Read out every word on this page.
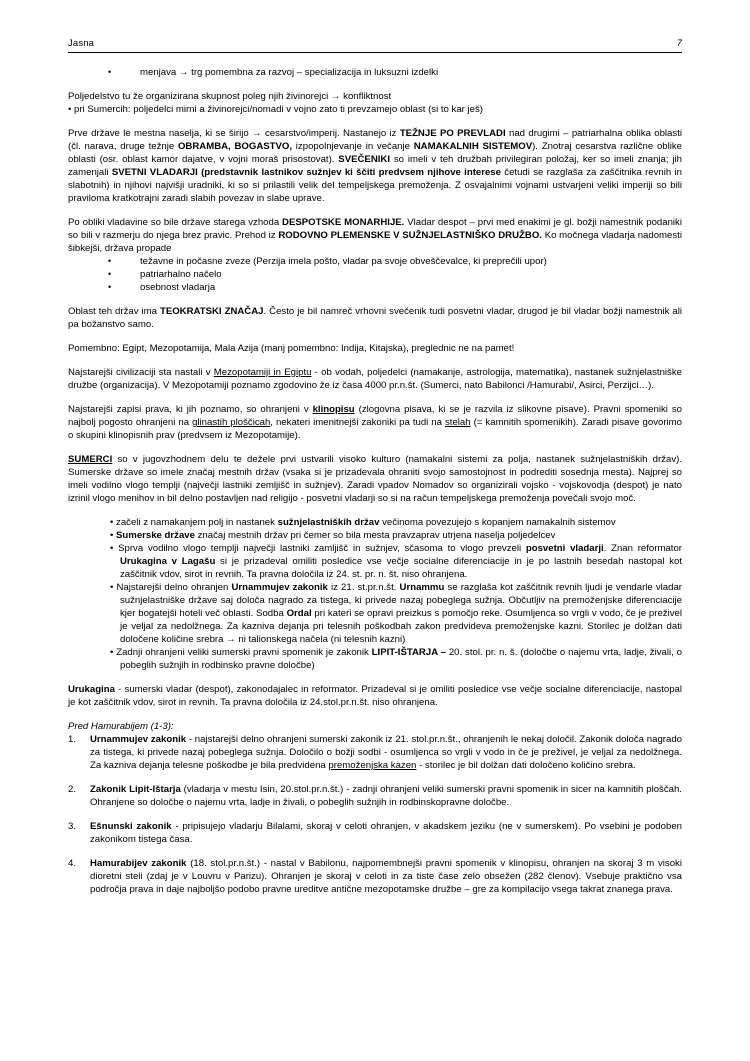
Jasna	7
• menjava → trg pomembna za razvoj – specializacija in luksuzni izdelki

Poljedelstvo tu že organizirana skupnost poleg njih živinorejci → konfliktnost
• pri Sumercih: poljedelci mirni a živinorejci/nomadi v vojno zato ti prevzamejo oblast (si to kar ješ)

Prve države le mestna naselja, ki se širijo → cesarstvo/imperij. Nastanejo iz TEŽNJE PO PREVLADI nad drugimi – patriarhalna oblika oblasti (čl. narava, druge težnje OBRAMBA, BOGASTVO, izpopolnjevanje in večanje NAMAKALNIH SISTEMOV). Znotraj cesarstva različne oblike oblasti (osr. oblast kamor dajatve, v vojni moraš prisostovat). SVEČENIKI so imeli v teh družbah privilegiran položaj, ker so imeli znanja; jih zamenjali SVETNI VLADARJI (predstavnik lastnikov sužnjev ki ščiti predvsem njihove interese četudi se razglaša za zaščitnika revnih in slabotnih) in njihovi najvišji uradniki, ki so si prilastili velik del tempeljskega premoženja. Z osvajalnimi vojnami ustvarjeni veliki imperiji so bili praviloma kratkotrajni zaradi slabih povezav in slabe uprave.

Po obliki vladavine so bile države starega vzhoda DESPOTSKE MONARHIJE. Vladar despot – prvi med enakimi je gl. božji namestnik podaniki so bili v razmerju do njega brez pravic. Prehod iz RODOVNO PLEMENSKE V SUŽNJELASTNIŠKO DRUŽBO. Ko močnega vladarja nadomesti šibkejši, država propade

• težavne in počasne zveze (Perzija imela pošto, vladar pa svoje obveščevalce, ki preprečili upor)
• patriarhalno načelo
• osebnost vladarja

Oblast teh držav ima TEOKRATSKI ZNAČAJ. Često je bil namreč vrhovni svečenik tudi posvetni vladar, drugod je bil vladar božji namestnik ali pa božanstvo samo.

Pomembno: Egipt, Mezopotamija, Mala Azija (manj pomembno: Indija, Kitajska), preglednic ne na pamet!

Najstarejši civilizaciji sta nastali v Mezopotamiji in Egiptu - ob vodah, poljedelci (namakanje, astrologija, matematika), nastanek sužnjelastniške družbe (organizacija). V Mezopotamiji poznamo zgodovino že iz časa 4000 pr.n.št. (Sumerci, nato Babilonci /Hamurabi/, Asirci, Perzijci…).

Najstarejši zapisi prava, ki jih poznamo, so ohranjeni v klinopisu (zlogovna pisava, ki se je razvila iz slikovne pisave). Pravni spomeniki so najbolj pogosto ohranjeni na glinastih ploščicah, nekateri imenitnejši zakoniki pa tudi na stelah (= kamnitih spomenikih). Zaradi pisave govorimo o skupini klinopisnih prav (predvsem iz Mezopotamije).

SUMERCI so v jugovzhodnem delu te dežele prvi ustvarili visoko kulturo (namakalni sistemi za polja, nastanek sužnjelastniških držav). Sumerske države so imele značaj mestnih držav (vsaka si je prizadevala ohraniti svojo samostojnost in podrediti sosednja mesta). Najprej so imeli vodilno vlogo templji (največji lastniki zemljišč in sužnjev). Zaradi vpadov Nomadov so organizirali vojsko - vojskovodja (despot) je nato izrinil vlogo menihov in bil delno postavljen nad religijo - posvetni vladarji so si na račun tempeljskega premoženja povečali svojo moč.

• začeli z namakanjem polj in nastanek sužnjelastniških držav večinoma povezujejo s kopanjem namakalnih sistemov

• Sumerske države značaj mestnih držav pri čemer so bila mesta pravzaprav utrjena naselja poljedelcev

• Sprva vodilno vlogo templji največji lastniki zamljišč in sužnjev, sčasoma to vlogo prevzeli posvetni vladarji. Znan reformator Urukagina v Lagašu si je prizadeval omiliti posledice vse večje socialne diferenciacije in je po lastnih besedah nastopal kot zaščitnik vdov, sirot in revnih. Ta pravna določila iz 24. st. pr. n. št. niso ohranjena.

• Najstarejši delno ohranjen Urnammujev zakonik iz 21. st.pr.n.št. Urnammu se razglaša kot zaščitnik revnih ljudi je vendarle vladar sužnjelastniške države saj določa nagrado za tistega, ki privede nazaj pobeglega sužnja. Občutljiv na premoženjske diferenciacije kjer bogatejši hoteli več oblasti. Sodba Ordal pri kateri se opravi preizkus s pomočjo reke. Osumljenca so vrgli v vodo, če je preživel je veljal za nedolžnega. Za kazniva dejanja pri telesnih poškodbah zakon predvideva premoženjske kazni. Storilec je dolžan dati določene količine srebra → ni talionskega načela (ni telesnih kazni)

• Zadnji ohranjeni veliki sumerski pravni spomenik je zakonik LIPIT-IŠTARJA – 20. stol. pr. n. š. (določbe o najemu vrta, ladje, živali, o pobeglih sužnjih in rodbinsko pravne določbe)

Urukagina - sumerski vladar (despot), zakonodajalec in reformator. Prizadeval si je omiliti posledice vse večje socialne diferenciacije, nastopal je kot zaščitnik vdov, sirot in revnih. Ta pravna določila iz 24.stol.pr.n.št. niso ohranjena.

Pred Hamurabijem (1-3):

Urnammujev zakonik - najstarejši delno ohranjeni sumerski zakonik iz 21. stol.pr.n.št., ohranjenih le nekaj določil. Zakonik določa nagrado za tistega, ki privede nazaj pobeglega sužnja. Določilo o božji sodbi - osumljenca so vrgli v vodo in če je preživel, je veljal za nedolžnega. Za kazniva dejanja telesne poškodbe je bila predvidena premoženjska kazen - storilec je bil dolžan dati določeno količino srebra.
Zakonik Lipit-Ištarja (vladarja v mestu Isin, 20.stol.pr.n.št.) - zadnji ohranjeni veliki sumerski pravni spomenik in sicer na kamnitih ploščah. Ohranjene so določbe o najemu vrta, ladje in živali, o pobeglih sužnjih in rodbinskopravne določbe.
Ešnunski zakonik - pripisujejo vladarju Bilalami, skoraj v celoti ohranjen, v akadskem jeziku (ne v sumerskem). Po vsebini je podoben zakonikom tistega časa.
Hamurabijev zakonik (18. stol.pr.n.št.) - nastal v Babilonu, najpomembnejši pravni spomenik v klinopisu, ohranjen na skoraj 3 m visoki dioretni steli (zdaj je v Louvru v Parizu). Ohranjen je skoraj v celoti in za tiste čase zelo obsežen (282 členov). Vsebuje praktično vsa področja prava in daje najboljšo podobo pravne ureditve antične mezopotamske družbe – gre za kompilacijo vsega takrat znanega prava.
